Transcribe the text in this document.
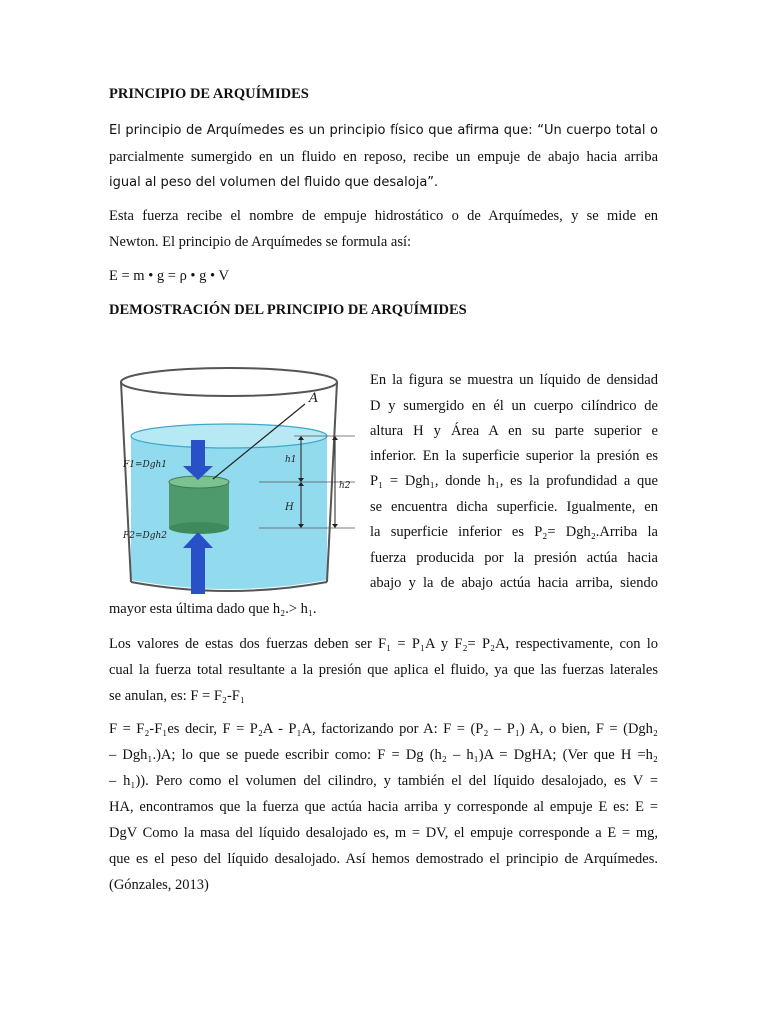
PRINCIPIO DE ARQUÍMIDES

El principio de Arquímedes es un principio físico que afirma que: “Un cuerpo total o

parcialmente sumergido en un fluido en reposo, recibe un empuje de abajo hacia arriba

igual al peso del volumen del fluido que desaloja”.

Esta fuerza recibe el nombre de empuje hidrostático o de Arquímedes, y se mide en

Newton. El principio de Arquímedes se formula así:

E = m • g = ρ • g • V

DEMOSTRACIÓN DEL PRINCIPIO DE ARQUÍMIDES

A
F1=Dgh1
F2=Dgh2
h1
h2
H

En la figura se muestra un líquido de densidad

D y sumergido en él un cuerpo cilíndrico de

altura H y Área A en su parte superior e

inferior. En la superficie superior la presión es

P₁ = Dgh₁, donde h₁, es la profundidad a que

se encuentra dicha superficie. Igualmente, en

la superficie inferior es P₂= Dgh₂.Arriba la

fuerza producida por la presión actúa hacia

abajo y la de abajo actúa hacia arriba, siendo

mayor esta última dado que h₂.> h₁.

Los valores de estas dos fuerzas deben ser F₁ = P₁A y F₂= P₂A, respectivamente, con lo

cual la fuerza total resultante a la presión que aplica el fluido, ya que las fuerzas laterales

se anulan, es: F = F₂-F₁

F = F₂-F₁es decir, F = P₂A - P₁A, factorizando por A: F = (P₂ – P₁) A, o bien, F = (Dgh₂

– Dgh₁.)A; lo que se puede escribir como: F = Dg (h₂ – h₁)A = DgHA; (Ver que H =h₂

– h₁)). Pero como el volumen del cilindro, y también el del líquido desalojado, es V =

HA, encontramos que la fuerza que actúa hacia arriba y corresponde al empuje E es: E =

DgV Como la masa del líquido desalojado es, m = DV, el empuje corresponde a E = mg,

que es el peso del líquido desalojado. Así hemos demostrado el principio de Arquímedes.

(Gónzales, 2013)
